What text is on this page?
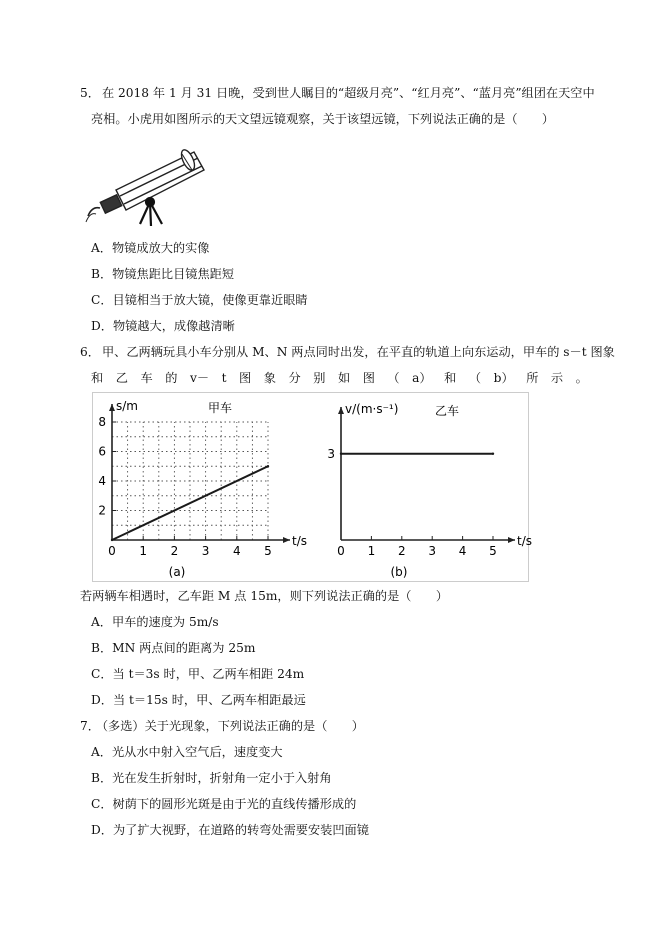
5． 在 2018 年 1 月 31 日晚，受到世人瞩目的“超级月亮”、“红月亮”、“蓝月亮”组团在天空中
亮相。小虎用如图所示的天文望远镜观察，关于该望远镜，下列说法正确的是（　　）
A．物镜成放大的实像
B．物镜焦距比目镜焦距短
C．目镜相当于放大镜，使像更靠近眼睛
D．物镜越大，成像越清晰
6． 甲、乙两辆玩具小车分别从 M、N 两点同时出发，在平直的轨道上向东运动，甲车的 s－t 图象
和 乙 车 的 v－ t 图 象 分 别 如 图 （ a） 和 （ b） 所 示 。
0 1 2 3 4 5
2
4
6
8
t/s
s/m	甲车
0 1 2 3 4 5
3
t/s
v/(m·s⁻¹)	乙车
(a)	(b)
若两辆车相遇时，乙车距 M 点 15m，则下列说法正确的是（　　）
A．甲车的速度为 5m/s
B．MN 两点间的距离为 25m
C．当 t＝3s 时，甲、乙两车相距 24m
D．当 t＝15s 时，甲、乙两车相距最远
7． （多选）关于光现象，下列说法正确的是（　　）
A．光从水中射入空气后，速度变大
B．光在发生折射时，折射角一定小于入射角
C．树荫下的圆形光斑是由于光的直线传播形成的
D．为了扩大视野，在道路的转弯处需要安装凹面镜
